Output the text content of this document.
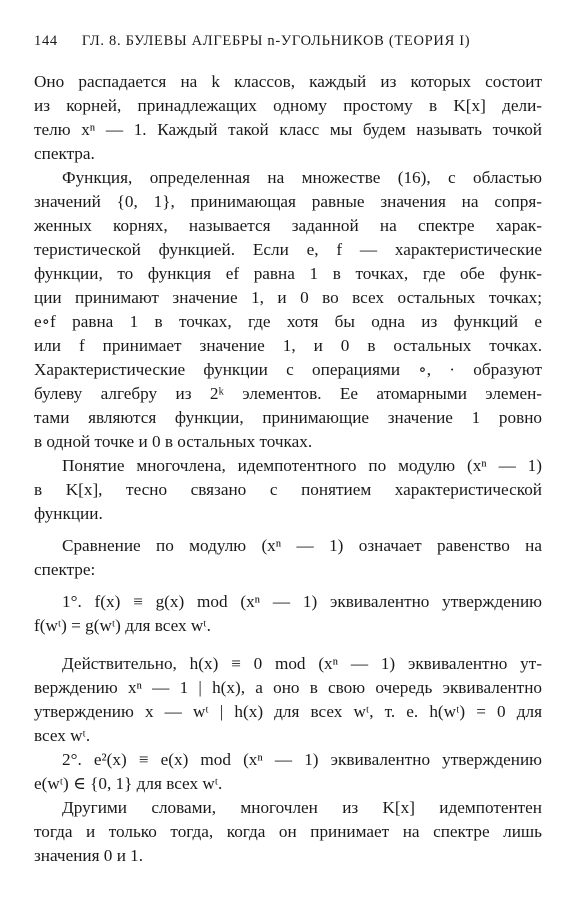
144 ГЛ. 8. БУЛЕВЫ АЛГЕБРЫ n-УГОЛЬНИКОВ (ТЕОРИЯ I)
Оно распадается на k классов, каждый из которых состоит
из корней, принадлежащих одному простому в K[x] дели-
телю xⁿ — 1. Каждый такой класс мы будем называть точкой
спектра.
Функция, определенная на множестве (16), с областью
значений {0, 1}, принимающая равные значения на сопря-
женных корнях, называется заданной на спектре харак-
теристической функцией. Если e, f — характеристические
функции, то функция ef равна 1 в точках, где обе функ-
ции принимают значение 1, и 0 во всех остальных точках;
e∘f равна 1 в точках, где хотя бы одна из функций e
или f принимает значение 1, и 0 в остальных точках.
Характеристические функции с операциями ∘, · образуют
булеву алгебру из 2ᵏ элементов. Ее атомарными элемен-
тами являются функции, принимающие значение 1 ровно
в одной точке и 0 в остальных точках.
Понятие многочлена, идемпотентного по модулю (xⁿ — 1)
в K[x], тесно связано с понятием характеристической
функции.
Сравнение по модулю (xⁿ — 1) означает равенство на
спектре:
1°. f(x) ≡ g(x) mod (xⁿ — 1) эквивалентно утверждению
f(wᵗ) = g(wᵗ) для всех wᵗ.
Действительно, h(x) ≡ 0 mod (xⁿ — 1) эквивалентно ут-
верждению xⁿ — 1 | h(x), а оно в свою очередь эквивалентно
утверждению x — wᵗ | h(x) для всех wᵗ, т. е. h(wᵗ) = 0 для
всех wᵗ.
2°. e²(x) ≡ e(x) mod (xⁿ — 1) эквивалентно утверждению
e(wᵗ) ∈ {0, 1} для всех wᵗ.
Другими словами, многочлен из K[x] идемпотентен
тогда и только тогда, когда он принимает на спектре лишь
значения 0 и 1.
